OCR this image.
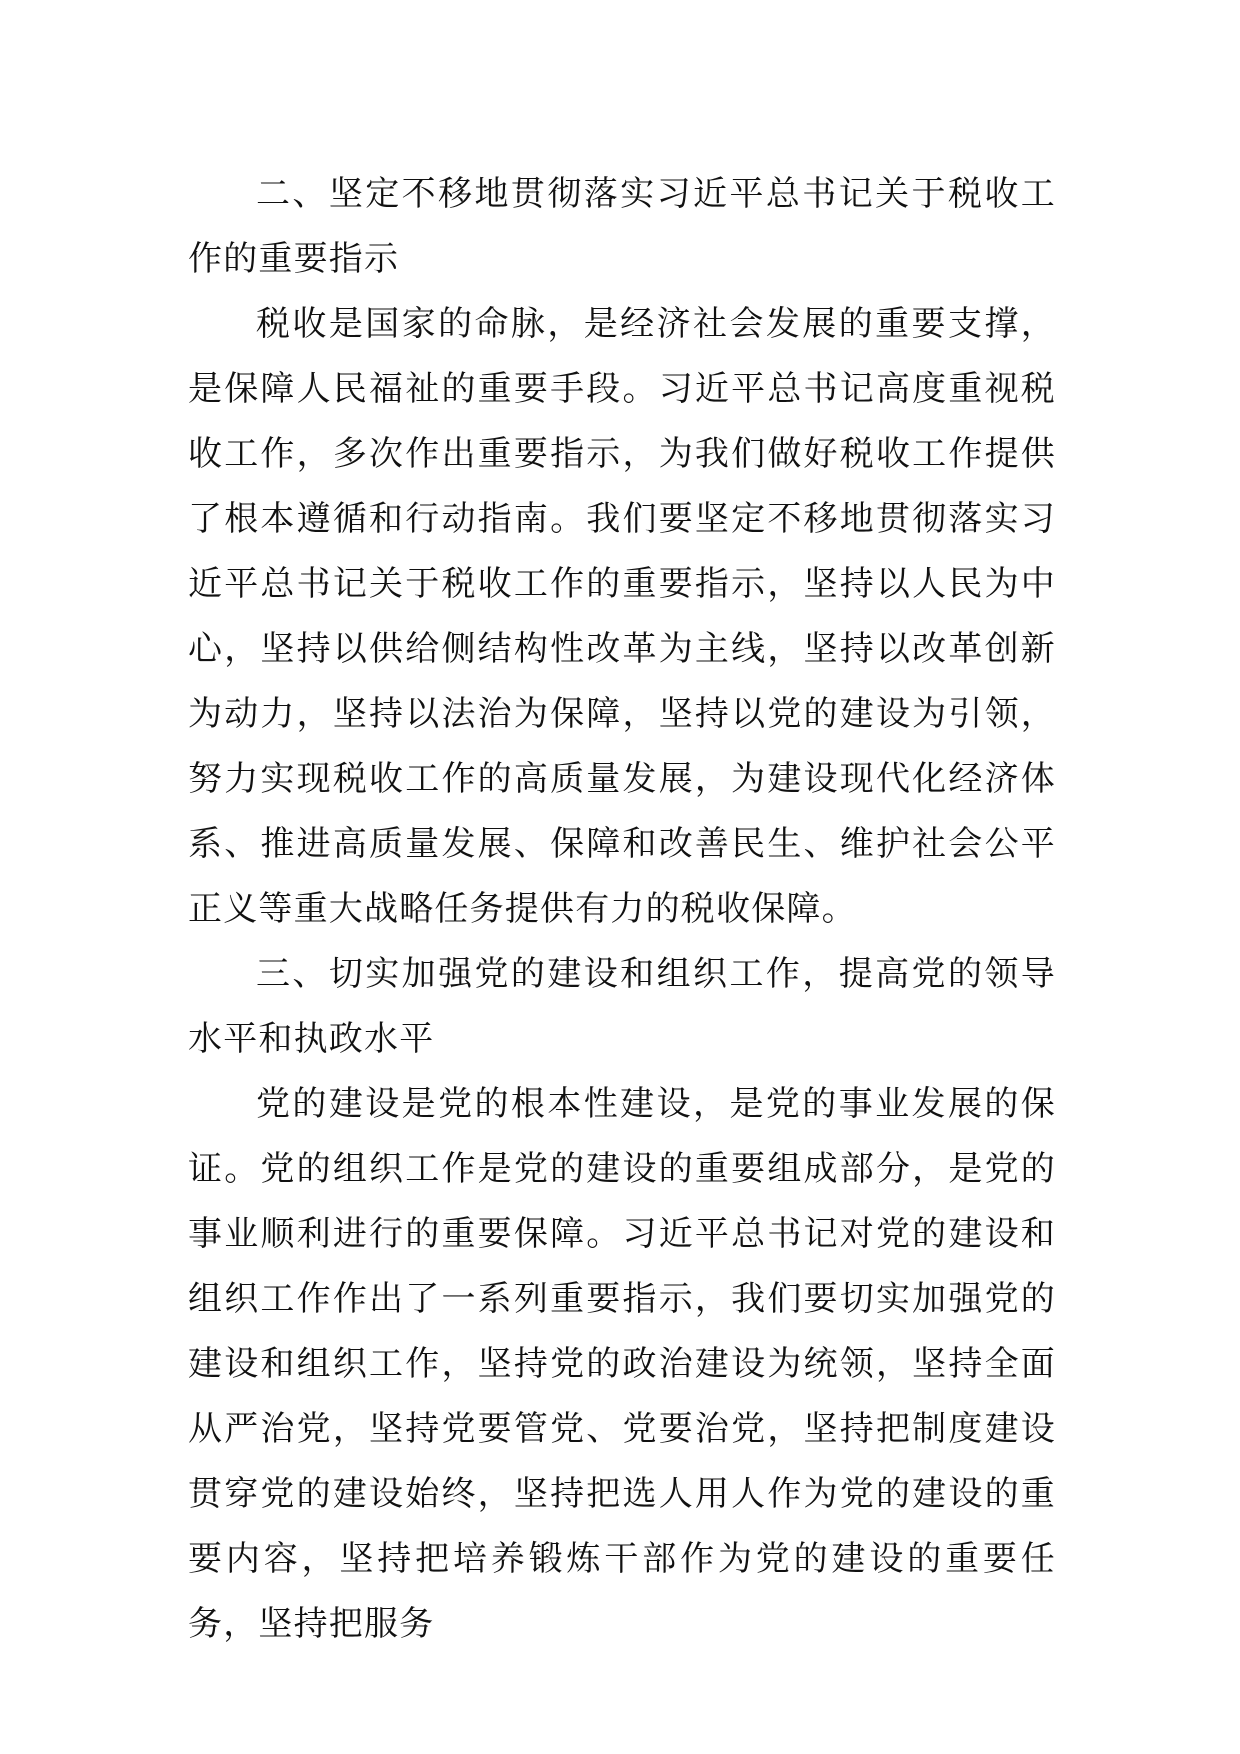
二、坚定不移地贯彻落实习近平总书记关于税收工作的重要指示

税收是国家的命脉，是经济社会发展的重要支撑，是保障人民福祉的重要手段。习近平总书记高度重视税收工作，多次作出重要指示，为我们做好税收工作提供了根本遵循和行动指南。我们要坚定不移地贯彻落实习近平总书记关于税收工作的重要指示，坚持以人民为中心，坚持以供给侧结构性改革为主线，坚持以改革创新为动力，坚持以法治为保障，坚持以党的建设为引领，努力实现税收工作的高质量发展，为建设现代化经济体系、推进高质量发展、保障和改善民生、维护社会公平正义等重大战略任务提供有力的税收保障。

三、切实加强党的建设和组织工作，提高党的领导水平和执政水平

党的建设是党的根本性建设，是党的事业发展的保证。党的组织工作是党的建设的重要组成部分，是党的事业顺利进行的重要保障。习近平总书记对党的建设和组织工作作出了一系列重要指示，我们要切实加强党的建设和组织工作，坚持党的政治建设为统领，坚持全面从严治党，坚持党要管党、党要治党，坚持把制度建设贯穿党的建设始终，坚持把选人用人作为党的建设的重要内容，坚持把培养锻炼干部作为党的建设的重要任务，坚持把服务
